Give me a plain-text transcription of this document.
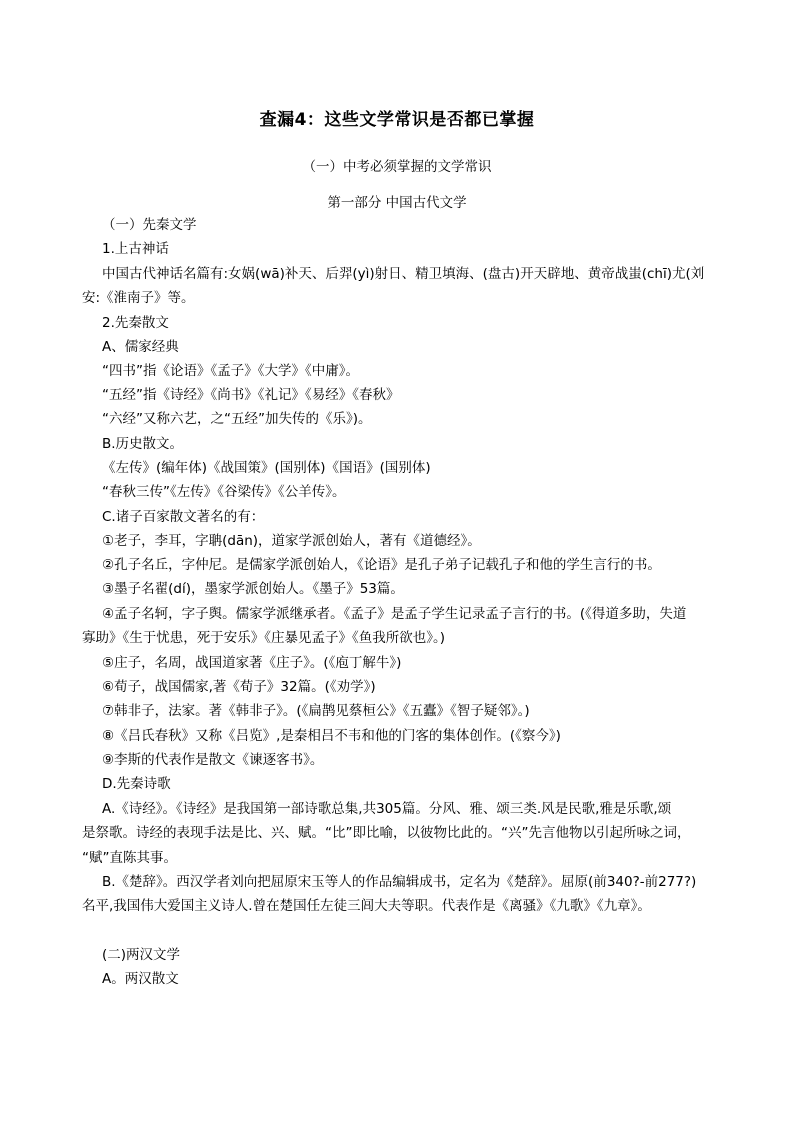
查漏4：这些文学常识是否都已掌握
（一）中考必须掌握的文学常识
第一部分 中国古代文学
（一）先秦文学
1.上古神话
中国古代神话名篇有:女娲(wā)补天、后羿(yì)射日、精卫填海、(盘古)开天辟地、黄帝战蚩(chī)尤(刘
安:《淮南子》等。
2.先秦散文
A、儒家经典
“四书”指《论语》《孟子》《大学》《中庸》。
“五经”指《诗经》《尚书》《礼记》《易经》《春秋》
“六经”又称六艺，之“五经”加失传的《乐》)。
B.历史散文。
《左传》(编年体)《战国策》(国别体)《国语》(国别体)
“春秋三传”《左传》《谷梁传》《公羊传》。
C.诸子百家散文著名的有：
①老子，李耳，字聃(dān)，道家学派创始人，著有《道德经》。
②孔子名丘，字仲尼。是儒家学派创始人，《论语》是孔子弟子记载孔子和他的学生言行的书。
③墨子名翟(dí)，墨家学派创始人。《墨子》53篇。
④孟子名轲，字子舆。儒家学派继承者。《孟子》是孟子学生记录孟子言行的书。(《得道多助，失道
寡助》《生于忧患，死于安乐》《庄暴见孟子》《鱼我所欲也》。)
⑤庄子，名周，战国道家著《庄子》。(《庖丁解牛》)
⑥荀子，战国儒家,著《荀子》32篇。(《劝学》)
⑦韩非子，法家。著《韩非子》。(《扁鹊见蔡桓公》《五蠹》《智子疑邻》。)
⑧《吕氏春秋》又称《吕览》,是秦相吕不韦和他的门客的集体创作。(《察今》)
⑨李斯的代表作是散文《谏逐客书》。
D.先秦诗歌
A.《诗经》。《诗经》是我国第一部诗歌总集,共305篇。分风、雅、颂三类.风是民歌,雅是乐歌,颂
是祭歌。诗经的表现手法是比、兴、赋。“比”即比喻，以彼物比此的。“兴”先言他物以引起所咏之词，
“赋”直陈其事。
B.《楚辞》。西汉学者刘向把屈原宋玉等人的作品编辑成书，定名为《楚辞》。屈原(前340?-前277?)
名平,我国伟大爱国主义诗人.曾在楚国任左徒三闾大夫等职。代表作是《离骚》《九歌》《九章》。
(二)两汉文学
A。两汉散文
